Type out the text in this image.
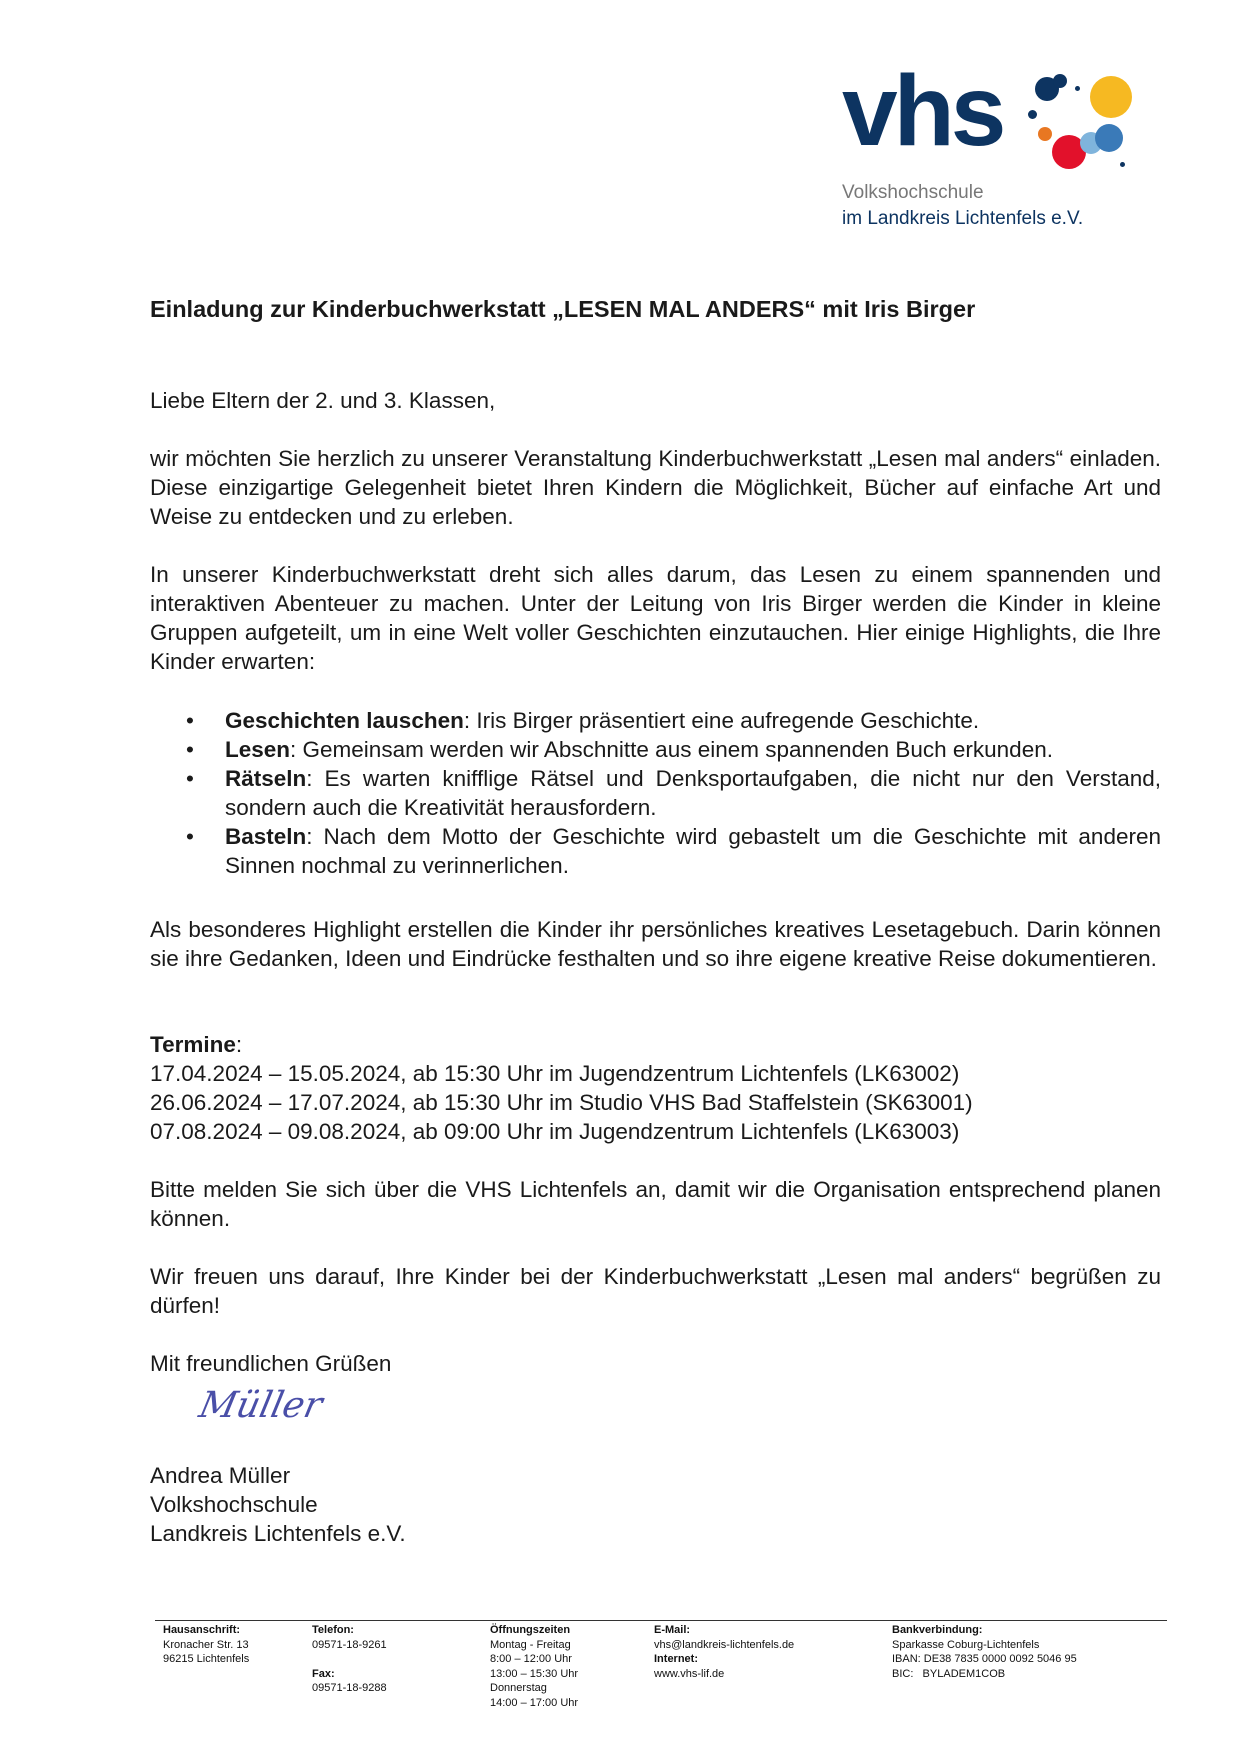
vhs
Volkshochschule
im Landkreis Lichtenfels e.V.
Einladung zur Kinderbuchwerkstatt „LESEN MAL ANDERS“ mit Iris Birger
Liebe Eltern der 2. und 3. Klassen,
wir möchten Sie herzlich zu unserer Veranstaltung Kinderbuchwerkstatt „Lesen mal anders“ einladen. Diese einzigartige Gelegenheit bietet Ihren Kindern die Möglichkeit, Bücher auf einfache Art und Weise zu entdecken und zu erleben.
In unserer Kinderbuchwerkstatt dreht sich alles darum, das Lesen zu einem spannenden und interaktiven Abenteuer zu machen. Unter der Leitung von Iris Birger werden die Kinder in kleine Gruppen aufgeteilt, um in eine Welt voller Geschichten einzutauchen. Hier einige Highlights, die Ihre Kinder erwarten:
• Geschichten lauschen: Iris Birger präsentiert eine aufregende Geschichte.
• Lesen: Gemeinsam werden wir Abschnitte aus einem spannenden Buch erkunden.
• Rätseln: Es warten knifflige Rätsel und Denksportaufgaben, die nicht nur den Verstand, sondern auch die Kreativität herausfordern.
• Basteln: Nach dem Motto der Geschichte wird gebastelt um die Geschichte mit anderen Sinnen nochmal zu verinnerlichen.
Als besonderes Highlight erstellen die Kinder ihr persönliches kreatives Lesetagebuch. Darin können sie ihre Gedanken, Ideen und Eindrücke festhalten und so ihre eigene kreative Reise dokumentieren.

Termine:

17.04.2024 – 15.05.2024, ab 15:30 Uhr im Jugendzentrum Lichtenfels (LK63002)

26.06.2024 – 17.07.2024, ab 15:30 Uhr im Studio VHS Bad Staffelstein (SK63001)

07.08.2024 – 09.08.2024, ab 09:00 Uhr im Jugendzentrum Lichtenfels (LK63003)

Bitte melden Sie sich über die VHS Lichtenfels an, damit wir die Organisation entsprechend planen können.
Wir freuen uns darauf, Ihre Kinder bei der Kinderbuchwerkstatt „Lesen mal anders“ begrüßen zu dürfen!
Mit freundlichen Grüßen
Müller

Andrea Müller

Volkshochschule

Landkreis Lichtenfels e.V.

Hausanschrift:
Kronacher Str. 13
96215 Lichtenfels
Telefon:
09571-18-9261

Fax:
09571-18-9288
Öffnungszeiten
Montag - Freitag
8:00 – 12:00 Uhr
13:00 – 15:30 Uhr
Donnerstag
14:00 – 17:00 Uhr
E-Mail:
vhs@landkreis-lichtenfels.de
Internet:
www.vhs-lif.de
Bankverbindung:
Sparkasse Coburg-Lichtenfels
IBAN: DE38 7835 0000 0092 5046 95
BIC:   BYLADEM1COB
